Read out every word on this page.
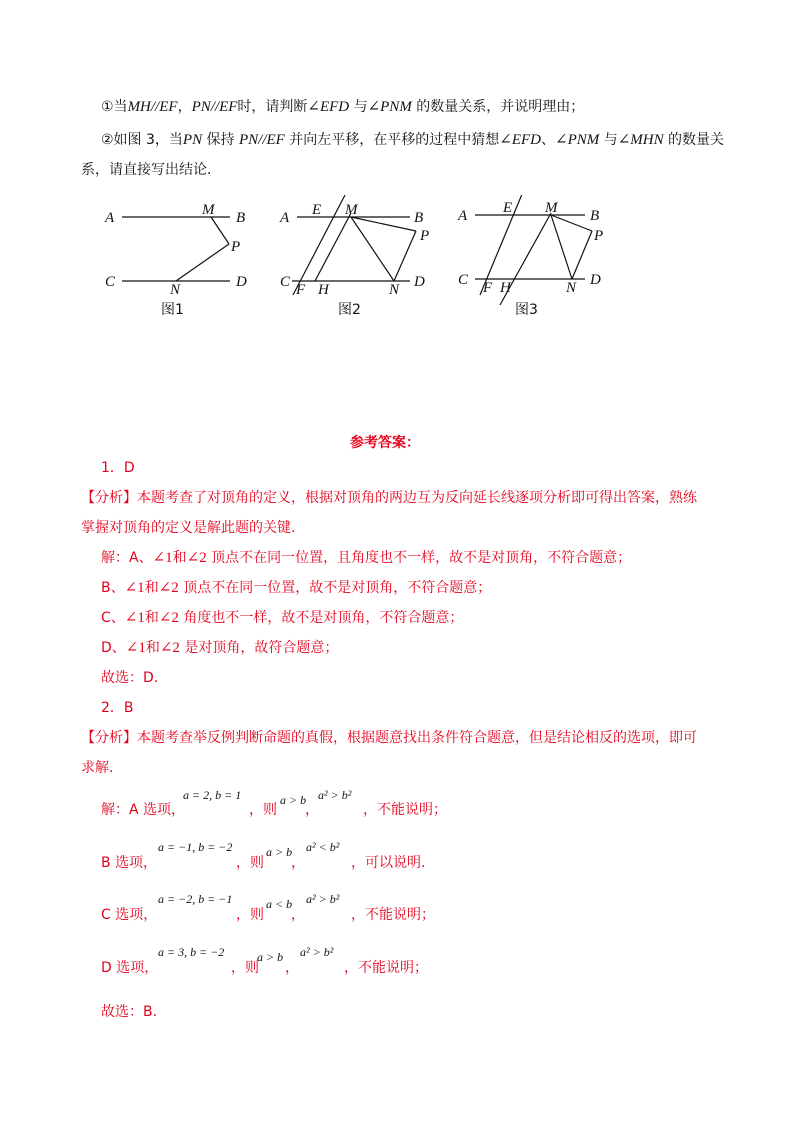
①当MH//EF，PN//EF时，请判断∠EFD 与∠PNM 的数量关系，并说明理由；
②如图 3，当PN 保持 PN//EF 并向左平移，在平移的过程中猜想∠EFD、∠PNM 与∠MHN 的数量关
系，请直接写出结论.
A	M B
P
C	N	D
A E M	B
P
C F H	N D
A E M B
P
C F H	N D
图1	图2	图3
参考答案：
1．D
【分析】本题考查了对顶角的定义，根据对顶角的两边互为反向延长线逐项分析即可得出答案，熟练
掌握对顶角的定义是解此题的关键.
解：A、∠1和∠2 顶点不在同一位置，且角度也不一样，故不是对顶角，不符合题意；
B、∠1和∠2 顶点不在同一位置，故不是对顶角，不符合题意；
C、∠1和∠2 角度也不一样，故不是对顶角，不符合题意；
D、∠1和∠2 是对顶角，故符合题意；
故选：D.
2．B
【分析】本题考查举反例判断命题的真假，根据题意找出条件符合题意，但是结论相反的选项，即可
求解.
解：A 选项，
a = 2, b = 1
，则
a > b
，
a² > b²
，不能说明；
B 选项，
a = −1, b = −2
，则
a > b
，
a² < b²
，可以说明.
C 选项，
a = −2, b = −1
，则
a < b
，
a² > b²
，不能说明；
D 选项，
a = 3, b = −2
，则
a > b
，
a² > b²
，不能说明；
故选：B.
